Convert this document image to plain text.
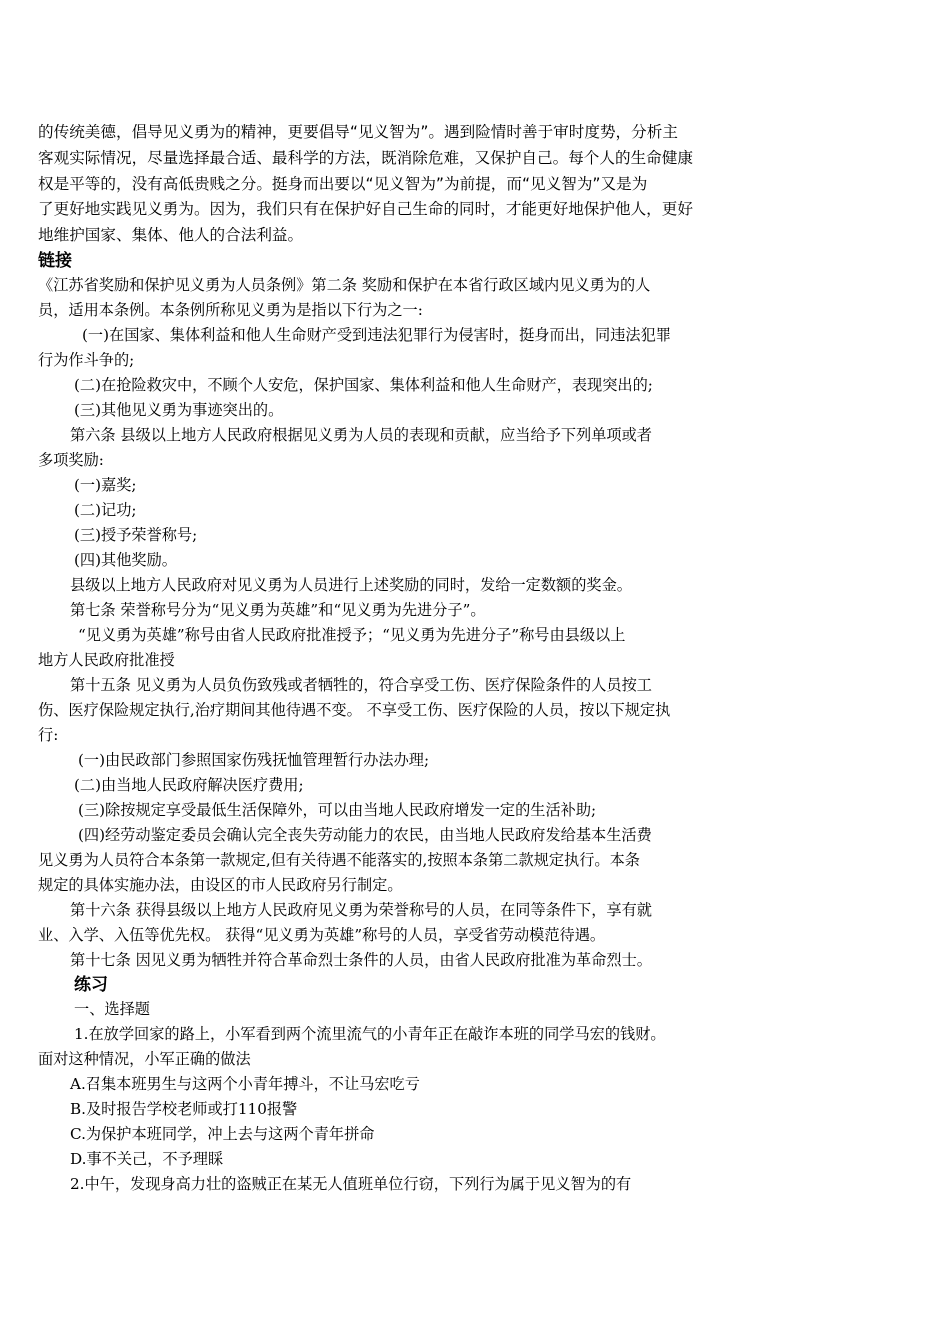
的传统美德，倡导见义勇为的精神，更要倡导“见义智为”。遇到险情时善于审时度势，分析主
客观实际情况，尽量选择最合适、最科学的方法，既消除危难，又保护自己。每个人的生命健康
权是平等的，没有高低贵贱之分。挺身而出要以“见义智为”为前提，而“见义智为”又是为
了更好地实践见义勇为。因为，我们只有在保护好自己生命的同时，才能更好地保护他人，更好
地维护国家、集体、他人的合法利益。
链接
《江苏省奖励和保护见义勇为人员条例》第二条 奖励和保护在本省行政区域内见义勇为的人
员，适用本条例。本条例所称见义勇为是指以下行为之一:
(一)在国家、集体利益和他人生命财产受到违法犯罪行为侵害时，挺身而出，同违法犯罪
行为作斗争的;
(二)在抢险救灾中，不顾个人安危，保护国家、集体利益和他人生命财产，表现突出的;
(三)其他见义勇为事迹突出的。
第六条 县级以上地方人民政府根据见义勇为人员的表现和贡献，应当给予下列单项或者
多项奖励:
(一)嘉奖;
(二)记功;
(三)授予荣誉称号;
(四)其他奖励。
县级以上地方人民政府对见义勇为人员进行上述奖励的同时，发给一定数额的奖金。
第七条 荣誉称号分为“见义勇为英雄”和“见义勇为先进分子”。
“见义勇为英雄”称号由省人民政府批准授予；“见义勇为先进分子”称号由县级以上
地方人民政府批准授
第十五条 见义勇为人员负伤致残或者牺牲的，符合享受工伤、医疗保险条件的人员按工
伤、医疗保险规定执行,治疗期间其他待遇不变。 不享受工伤、医疗保险的人员，按以下规定执
行:
(一)由民政部门参照国家伤残抚恤管理暂行办法办理;
(二)由当地人民政府解决医疗费用;
(三)除按规定享受最低生活保障外，可以由当地人民政府增发一定的生活补助;
(四)经劳动鉴定委员会确认完全丧失劳动能力的农民，由当地人民政府发给基本生活费
见义勇为人员符合本条第一款规定,但有关待遇不能落实的,按照本条第二款规定执行。本条
规定的具体实施办法，由设区的市人民政府另行制定。
第十六条 获得县级以上地方人民政府见义勇为荣誉称号的人员，在同等条件下，享有就
业、入学、入伍等优先权。 获得“见义勇为英雄”称号的人员，享受省劳动模范待遇。
第十七条 因见义勇为牺牲并符合革命烈士条件的人员，由省人民政府批准为革命烈士。
练习
一、选择题
1.在放学回家的路上，小军看到两个流里流气的小青年正在敲诈本班的同学马宏的钱财。
面对这种情况，小军正确的做法
A.召集本班男生与这两个小青年搏斗，不让马宏吃亏
B.及时报告学校老师或打110报警
C.为保护本班同学，冲上去与这两个青年拼命
D.事不关己，不予理睬
2.中午，发现身高力壮的盗贼正在某无人值班单位行窃，下列行为属于见义智为的有
